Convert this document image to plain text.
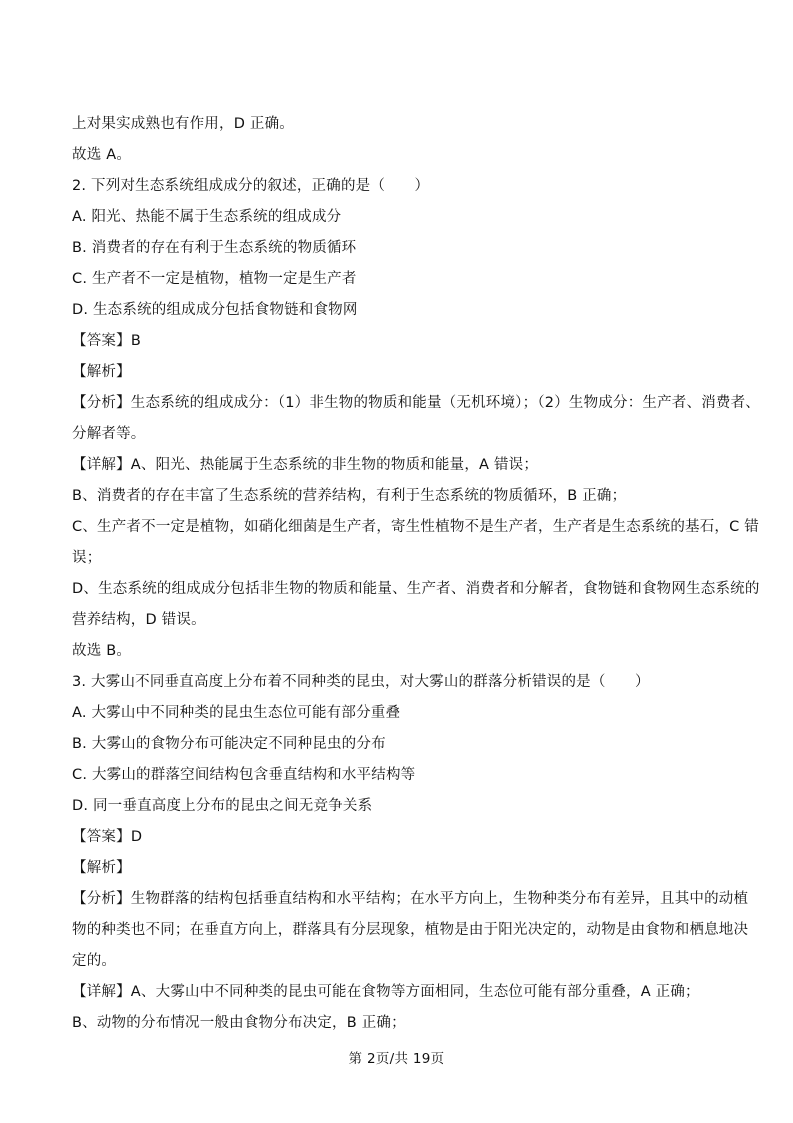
上对果实成熟也有作用，D 正确。
故选 A。
2. 下列对生态系统组成成分的叙述，正确的是（　　）
A. 阳光、热能不属于生态系统的组成成分
B. 消费者的存在有利于生态系统的物质循环
C. 生产者不一定是植物，植物一定是生产者
D. 生态系统的组成成分包括食物链和食物网
【答案】B
【解析】
【分析】生态系统的组成成分：（1）非生物的物质和能量（无机环境）；（2）生物成分：生产者、消费者、
分解者等。
【详解】A、阳光、热能属于生态系统的非生物的物质和能量，A 错误；
B、消费者的存在丰富了生态系统的营养结构，有利于生态系统的物质循环，B 正确；
C、生产者不一定是植物，如硝化细菌是生产者，寄生性植物不是生产者，生产者是生态系统的基石，C 错
误；
D、生态系统的组成成分包括非生物的物质和能量、生产者、消费者和分解者，食物链和食物网生态系统的
营养结构，D 错误。
故选 B。
3. 大雾山不同垂直高度上分布着不同种类的昆虫，对大雾山的群落分析错误的是（　　）
A. 大雾山中不同种类的昆虫生态位可能有部分重叠
B. 大雾山的食物分布可能决定不同种昆虫的分布
C. 大雾山的群落空间结构包含垂直结构和水平结构等
D. 同一垂直高度上分布的昆虫之间无竞争关系
【答案】D
【解析】
【分析】生物群落的结构包括垂直结构和水平结构；在水平方向上，生物种类分布有差异，且其中的动植
物的种类也不同；在垂直方向上，群落具有分层现象，植物是由于阳光决定的，动物是由食物和栖息地决
定的。
【详解】A、大雾山中不同种类的昆虫可能在食物等方面相同，生态位可能有部分重叠，A 正确；
B、动物的分布情况一般由食物分布决定，B 正确；
第 2页/共 19页
